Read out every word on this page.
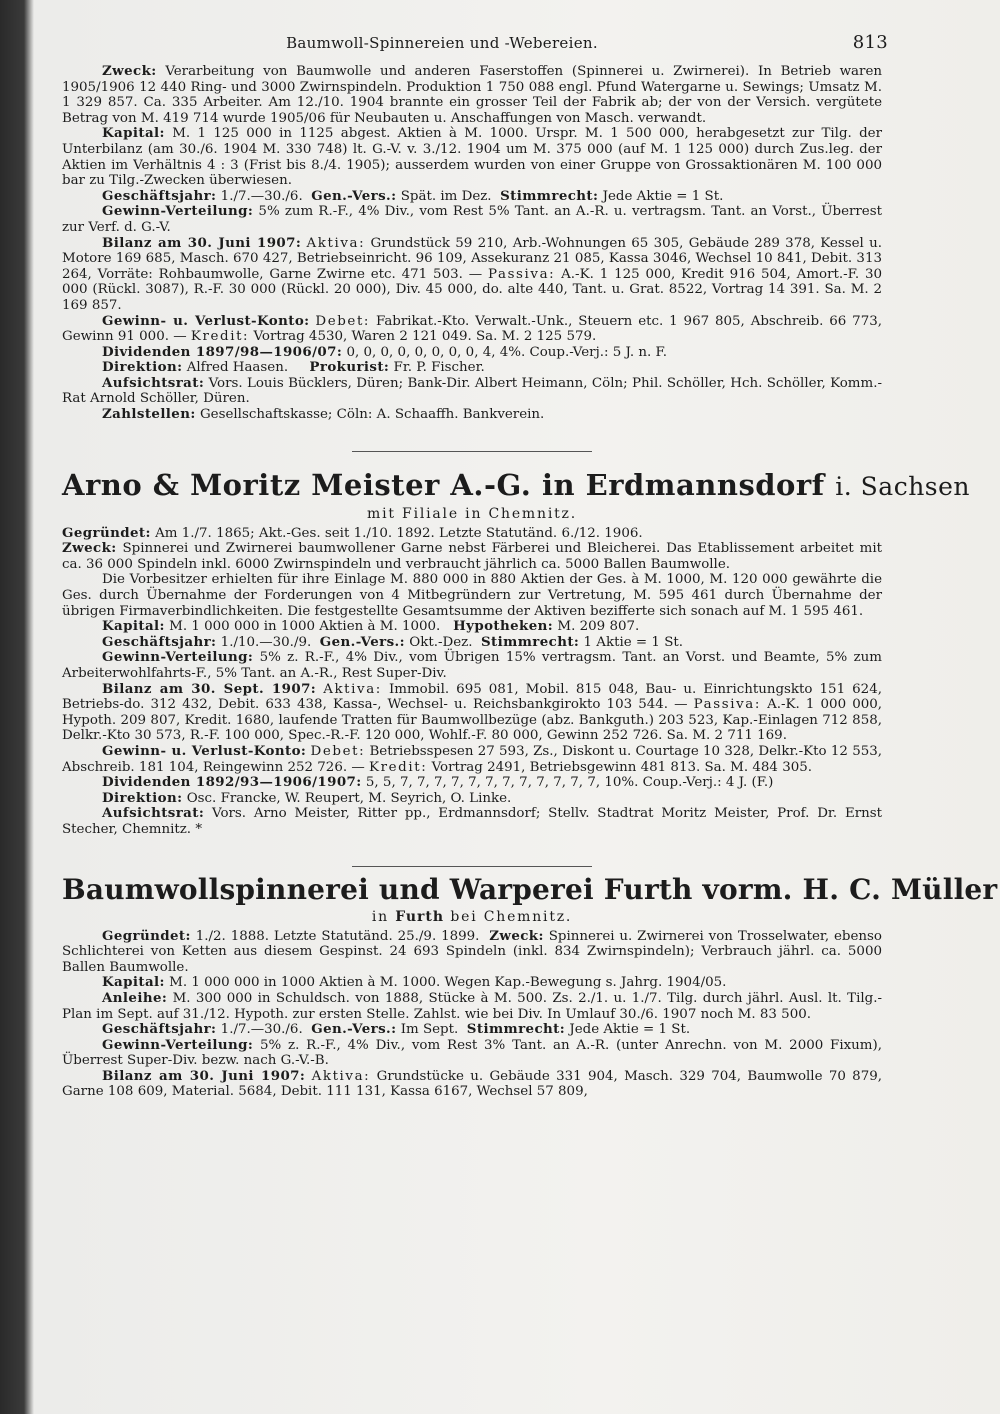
Baumwoll-Spinnereien und -Webereien.	813

Zweck: Verarbeitung von Baumwolle und anderen Faserstoffen (Spinnerei u. Zwirnerei). In Betrieb waren 1905/1906 12 440 Ring- und 3000 Zwirnspindeln. Produktion 1 750 088 engl. Pfund Watergarne u. Sewings; Umsatz M. 1 329 857. Ca. 335 Arbeiter. Am 12./10. 1904 brannte ein grosser Teil der Fabrik ab; der von der Versich. vergütete Betrag von M. 419 714 wurde 1905/06 für Neubauten u. Anschaffungen von Masch. verwandt.

Kapital: M. 1 125 000 in 1125 abgest. Aktien à M. 1000. Urspr. M. 1 500 000, herabgesetzt zur Tilg. der Unterbilanz (am 30./6. 1904 M. 330 748) lt. G.-V. v. 3./12. 1904 um M. 375 000 (auf M. 1 125 000) durch Zus.leg. der Aktien im Verhältnis 4 : 3 (Frist bis 8./4. 1905); ausserdem wurden von einer Gruppe von Grossaktionären M. 100 000 bar zu Tilg.-Zwecken überwiesen.

Geschäftsjahr: 1./7.—30./6. Gen.-Vers.: Spät. im Dez. Stimmrecht: Jede Aktie = 1 St.

Gewinn-Verteilung: 5% zum R.-F., 4% Div., vom Rest 5% Tant. an A.-R. u. vertragsm. Tant. an Vorst., Überrest zur Verf. d. G.-V.

Bilanz am 30. Juni 1907: Aktiva: Grundstück 59 210, Arb.-Wohnungen 65 305, Gebäude 289 378, Kessel u. Motore 169 685, Masch. 670 427, Betriebseinricht. 96 109, Assekuranz 21 085, Kassa 3046, Wechsel 10 841, Debit. 313 264, Vorräte: Rohbaumwolle, Garne Zwirne etc. 471 503. — Passiva: A.-K. 1 125 000, Kredit 916 504, Amort.-F. 30 000 (Rückl. 3087), R.-F. 30 000 (Rückl. 20 000), Div. 45 000, do. alte 440, Tant. u. Grat. 8522, Vortrag 14 391. Sa. M. 2 169 857.

Gewinn- u. Verlust-Konto: Debet: Fabrikat.-Kto. Verwalt.-Unk., Steuern etc. 1 967 805, Abschreib. 66 773, Gewinn 91 000. — Kredit: Vortrag 4530, Waren 2 121 049. Sa. M. 2 125 579.

Dividenden 1897/98—1906/07: 0, 0, 0, 0, 0, 0, 0, 0, 4, 4%. Coup.-Verj.: 5 J. n. F.

Direktion: Alfred Haasen. Prokurist: Fr. P. Fischer.

Aufsichtsrat: Vors. Louis Bücklers, Düren; Bank-Dir. Albert Heimann, Cöln; Phil. Schöller, Hch. Schöller, Komm.-Rat Arnold Schöller, Düren.

Zahlstellen: Gesellschaftskasse; Cöln: A. Schaaffh. Bankverein.

Arno & Moritz Meister A.-G. in Erdmannsdorf i. Sachsen
mit Filiale in Chemnitz.

Gegründet: Am 1./7. 1865; Akt.-Ges. seit 1./10. 1892. Letzte Statutänd. 6./12. 1906.

Zweck: Spinnerei und Zwirnerei baumwollener Garne nebst Färberei und Bleicherei. Das Etablissement arbeitet mit ca. 36 000 Spindeln inkl. 6000 Zwirnspindeln und verbraucht jährlich ca. 5000 Ballen Baumwolle.

Die Vorbesitzer erhielten für ihre Einlage M. 880 000 in 880 Aktien der Ges. à M. 1000, M. 120 000 gewährte die Ges. durch Übernahme der Forderungen von 4 Mitbegründern zur Vertretung, M. 595 461 durch Übernahme der übrigen Firmaverbindlichkeiten. Die festgestellte Gesamtsumme der Aktiven bezifferte sich sonach auf M. 1 595 461.

Kapital: M. 1 000 000 in 1000 Aktien à M. 1000. Hypotheken: M. 209 807.

Geschäftsjahr: 1./10.—30./9. Gen.-Vers.: Okt.-Dez. Stimmrecht: 1 Aktie = 1 St.

Gewinn-Verteilung: 5% z. R.-F., 4% Div., vom Übrigen 15% vertragsm. Tant. an Vorst. und Beamte, 5% zum Arbeiterwohlfahrts-F., 5% Tant. an A.-R., Rest Super-Div.

Bilanz am 30. Sept. 1907: Aktiva: Immobil. 695 081, Mobil. 815 048, Bau- u. Einrichtungskto 151 624, Betriebs-do. 312 432, Debit. 633 438, Kassa-, Wechsel- u. Reichsbankgirokto 103 544. — Passiva: A.-K. 1 000 000, Hypoth. 209 807, Kredit. 1680, laufende Tratten für Baumwollbezüge (abz. Bankguth.) 203 523, Kap.-Einlagen 712 858, Delkr.-Kto 30 573, R.-F. 100 000, Spec.-R.-F. 120 000, Wohlf.-F. 80 000, Gewinn 252 726. Sa. M. 2 711 169.

Gewinn- u. Verlust-Konto: Debet: Betriebsspesen 27 593, Zs., Diskont u. Courtage 10 328, Delkr.-Kto 12 553, Abschreib. 181 104, Reingewinn 252 726. — Kredit: Vortrag 2491, Betriebsgewinn 481 813. Sa. M. 484 305.

Dividenden 1892/93—1906/1907: 5, 5, 7, 7, 7, 7, 7, 7, 7, 7, 7, 7, 7, 7, 10%. Coup.-Verj.: 4 J. (F.)

Direktion: Osc. Francke, W. Reupert, M. Seyrich, O. Linke.

Aufsichtsrat: Vors. Arno Meister, Ritter pp., Erdmannsdorf; Stellv. Stadtrat Moritz Meister, Prof. Dr. Ernst Stecher, Chemnitz. *

Baumwollspinnerei und Warperei Furth vorm. H. C. Müller
in Furth bei Chemnitz.

Gegründet: 1./2. 1888. Letzte Statutänd. 25./9. 1899. Zweck: Spinnerei u. Zwirnerei von Trosselwater, ebenso Schlichterei von Ketten aus diesem Gespinst. 24 693 Spindeln (inkl. 834 Zwirnspindeln); Verbrauch jährl. ca. 5000 Ballen Baumwolle.

Kapital: M. 1 000 000 in 1000 Aktien à M. 1000. Wegen Kap.-Bewegung s. Jahrg. 1904/05.

Anleihe: M. 300 000 in Schuldsch. von 1888, Stücke à M. 500. Zs. 2./1. u. 1./7. Tilg. durch jährl. Ausl. lt. Tilg.-Plan im Sept. auf 31./12. Hypoth. zur ersten Stelle. Zahlst. wie bei Div. In Umlauf 30./6. 1907 noch M. 83 500.

Geschäftsjahr: 1./7.—30./6. Gen.-Vers.: Im Sept. Stimmrecht: Jede Aktie = 1 St.

Gewinn-Verteilung: 5% z. R.-F., 4% Div., vom Rest 3% Tant. an A.-R. (unter Anrechn. von M. 2000 Fixum), Überrest Super-Div. bezw. nach G.-V.-B.

Bilanz am 30. Juni 1907: Aktiva: Grundstücke u. Gebäude 331 904, Masch. 329 704, Baumwolle 70 879, Garne 108 609, Material. 5684, Debit. 111 131, Kassa 6167, Wechsel 57 809,
